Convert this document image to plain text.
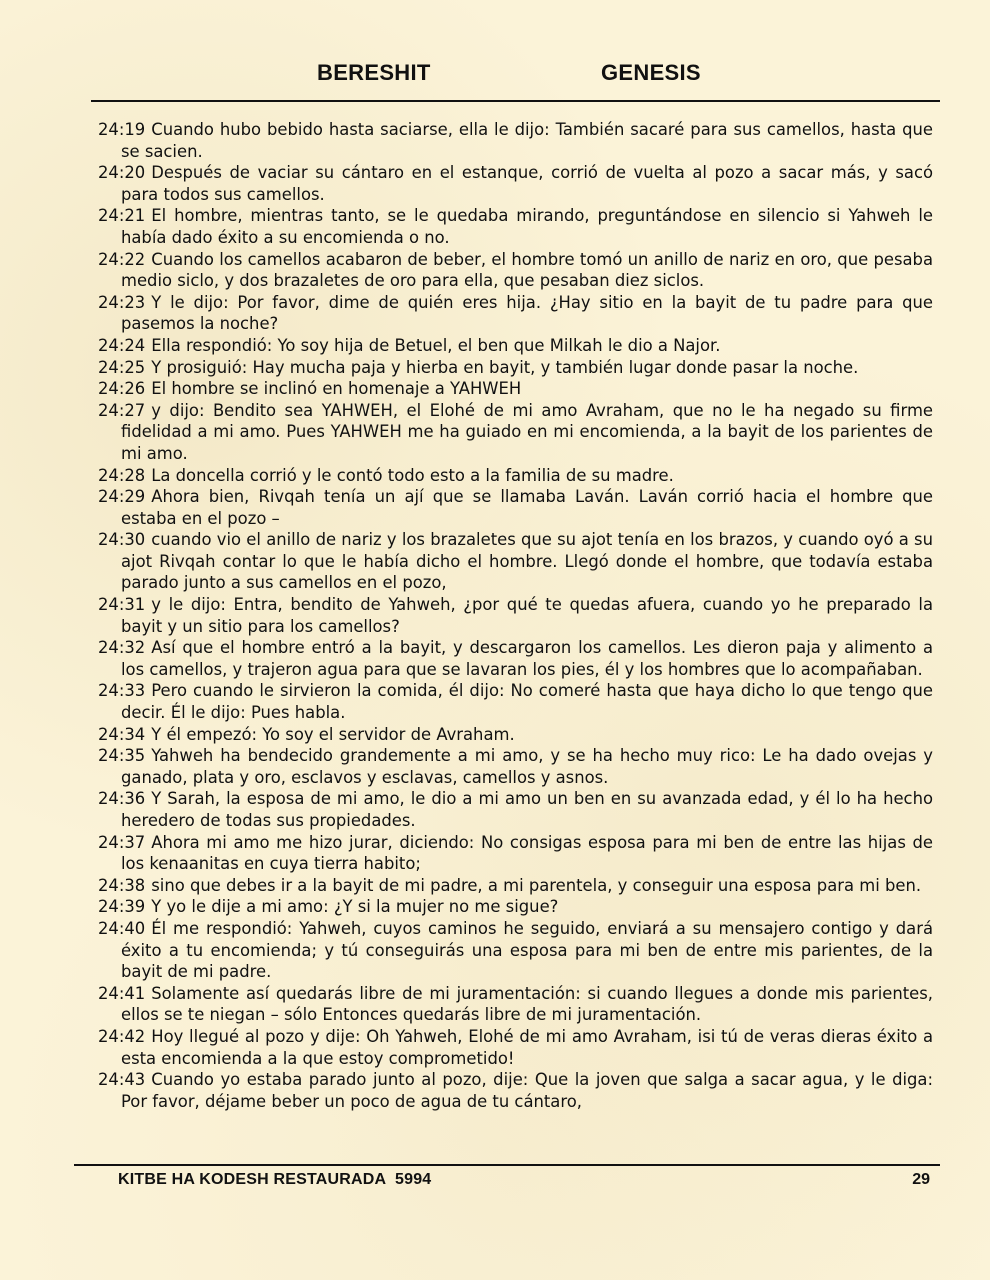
BERESHIT	GENESIS
24:19 Cuando hubo bebido hasta saciarse, ella le dijo: También sacaré para sus camellos, hasta que se sacien.
24:20 Después de vaciar su cántaro en el estanque, corrió de vuelta al pozo a sacar más, y sacó para todos sus camellos.
24:21 El hombre, mientras tanto, se le quedaba mirando, preguntándose en silencio si Yahweh le había dado éxito a su encomienda o no.
24:22 Cuando los camellos acabaron de beber, el hombre tomó un anillo de nariz en oro, que pesaba medio siclo, y dos brazaletes de oro para ella, que pesaban diez siclos.
24:23 Y le dijo: Por favor, dime de quién eres hija. ¿Hay sitio en la bayit de tu padre para que pasemos la noche?
24:24 Ella respondió: Yo soy hija de Betuel, el ben que Milkah le dio a Najor.
24:25 Y prosiguió: Hay mucha paja y hierba en bayit, y también lugar donde pasar la noche.
24:26 El hombre se inclinó en homenaje a YAHWEH
24:27 y dijo: Bendito sea YAHWEH, el Elohé de mi amo Avraham, que no le ha negado su firme fidelidad a mi amo. Pues YAHWEH me ha guiado en mi encomienda, a la bayit de los parientes de mi amo.
24:28 La doncella corrió y le contó todo esto a la familia de su madre.
24:29 Ahora bien, Rivqah tenía un ají que se llamaba Laván. Laván corrió hacia el hombre que estaba en el pozo –
24:30 cuando vio el anillo de nariz y los brazaletes que su ajot tenía en los brazos, y cuando oyó a su ajot Rivqah contar lo que le había dicho el hombre. Llegó donde el hombre, que todavía estaba parado junto a sus camellos en el pozo,
24:31 y le dijo: Entra, bendito de Yahweh, ¿por qué te quedas afuera, cuando yo he preparado la bayit y un sitio para los camellos?
24:32 Así que el hombre entró a la bayit, y descargaron los camellos. Les dieron paja y alimento a los camellos, y trajeron agua para que se lavaran los pies, él y los hombres que lo acompañaban.
24:33 Pero cuando le sirvieron la comida, él dijo: No comeré hasta que haya dicho lo que tengo que decir. Él le dijo: Pues habla.
24:34 Y él empezó: Yo soy el servidor de Avraham.
24:35 Yahweh ha bendecido grandemente a mi amo, y se ha hecho muy rico: Le ha dado ovejas y ganado, plata y oro, esclavos y esclavas, camellos y asnos.
24:36 Y Sarah, la esposa de mi amo, le dio a mi amo un ben en su avanzada edad, y él lo ha hecho heredero de todas sus propiedades.
24:37 Ahora mi amo me hizo jurar, diciendo: No consigas esposa para mi ben de entre las hijas de los kenaanitas en cuya tierra habito;
24:38 sino que debes ir a la bayit de mi padre, a mi parentela, y conseguir una esposa para mi ben.
24:39 Y yo le dije a mi amo: ¿Y si la mujer no me sigue?
24:40 Él me respondió: Yahweh, cuyos caminos he seguido, enviará a su mensajero contigo y dará éxito a tu encomienda; y tú conseguirás una esposa para mi ben de entre mis parientes, de la bayit de mi padre.
24:41 Solamente así quedarás libre de mi juramentación: si cuando llegues a donde mis parientes, ellos se te niegan – sólo Entonces quedarás libre de mi juramentación.
24:42 Hoy llegué al pozo y dije: Oh Yahweh, Elohé de mi amo Avraham, isi tú de veras dieras éxito a esta encomienda a la que estoy comprometido!
24:43 Cuando yo estaba parado junto al pozo, dije: Que la joven que salga a sacar agua, y le diga: Por favor, déjame beber un poco de agua de tu cántaro,
KITBE HA KODESH RESTAURADA  5994	29
